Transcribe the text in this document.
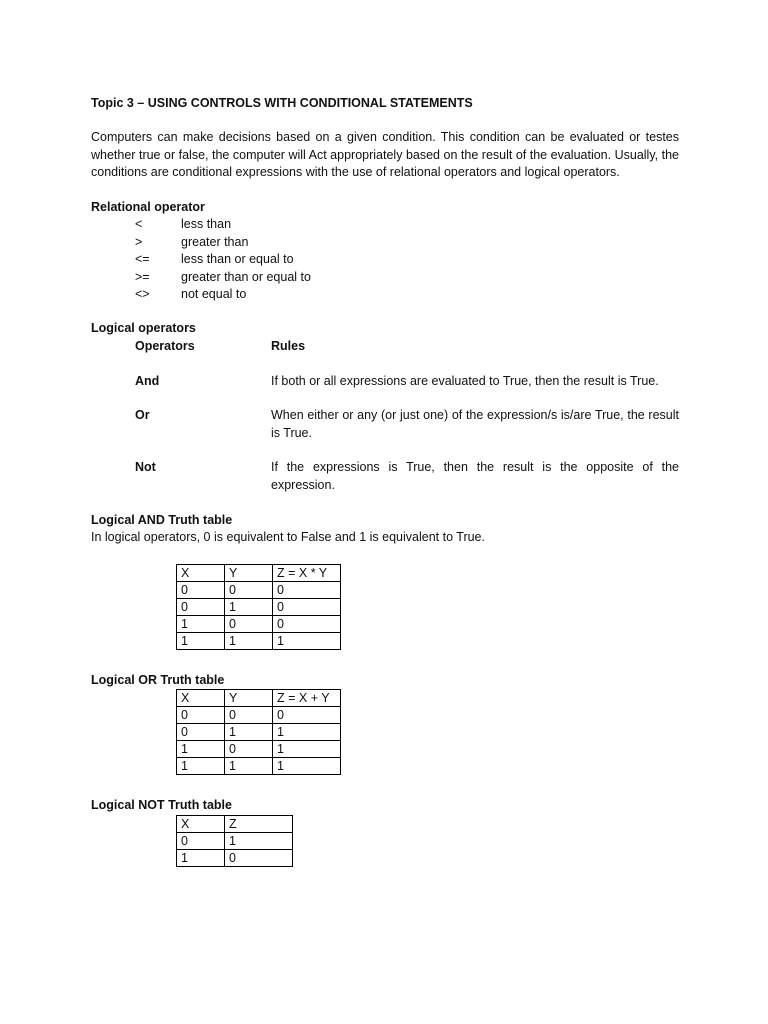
Topic 3 – USING CONTROLS WITH CONDITIONAL STATEMENTS
Computers can make decisions based on a given condition. This condition can be evaluated or testes whether true or false, the computer will Act appropriately based on the result of the evaluation. Usually, the conditions are conditional expressions with the use of relational operators and logical operators.
Relational operator
<	less than
>	greater than
<=	less than or equal to
>=	greater than or equal to
<>	not equal to
Logical operators
Operators	Rules
And	If both or all expressions are evaluated to True, then the result is True.
Or	When either or any (or just one) of the expression/s is/are True, the result is True.
Not	If the expressions is True, then the result is the opposite of the expression.
Logical AND Truth table
In logical operators, 0 is equivalent to False and 1 is equivalent to True.
X	Y	Z = X * Y
0	0	0
0	1	0
1	0	0
1	1	1
Logical OR Truth table
X	Y	Z = X + Y
0	0	0
0	1	1
1	0	1
1	1	1
Logical NOT Truth table
X	Z
0	1
1	0
